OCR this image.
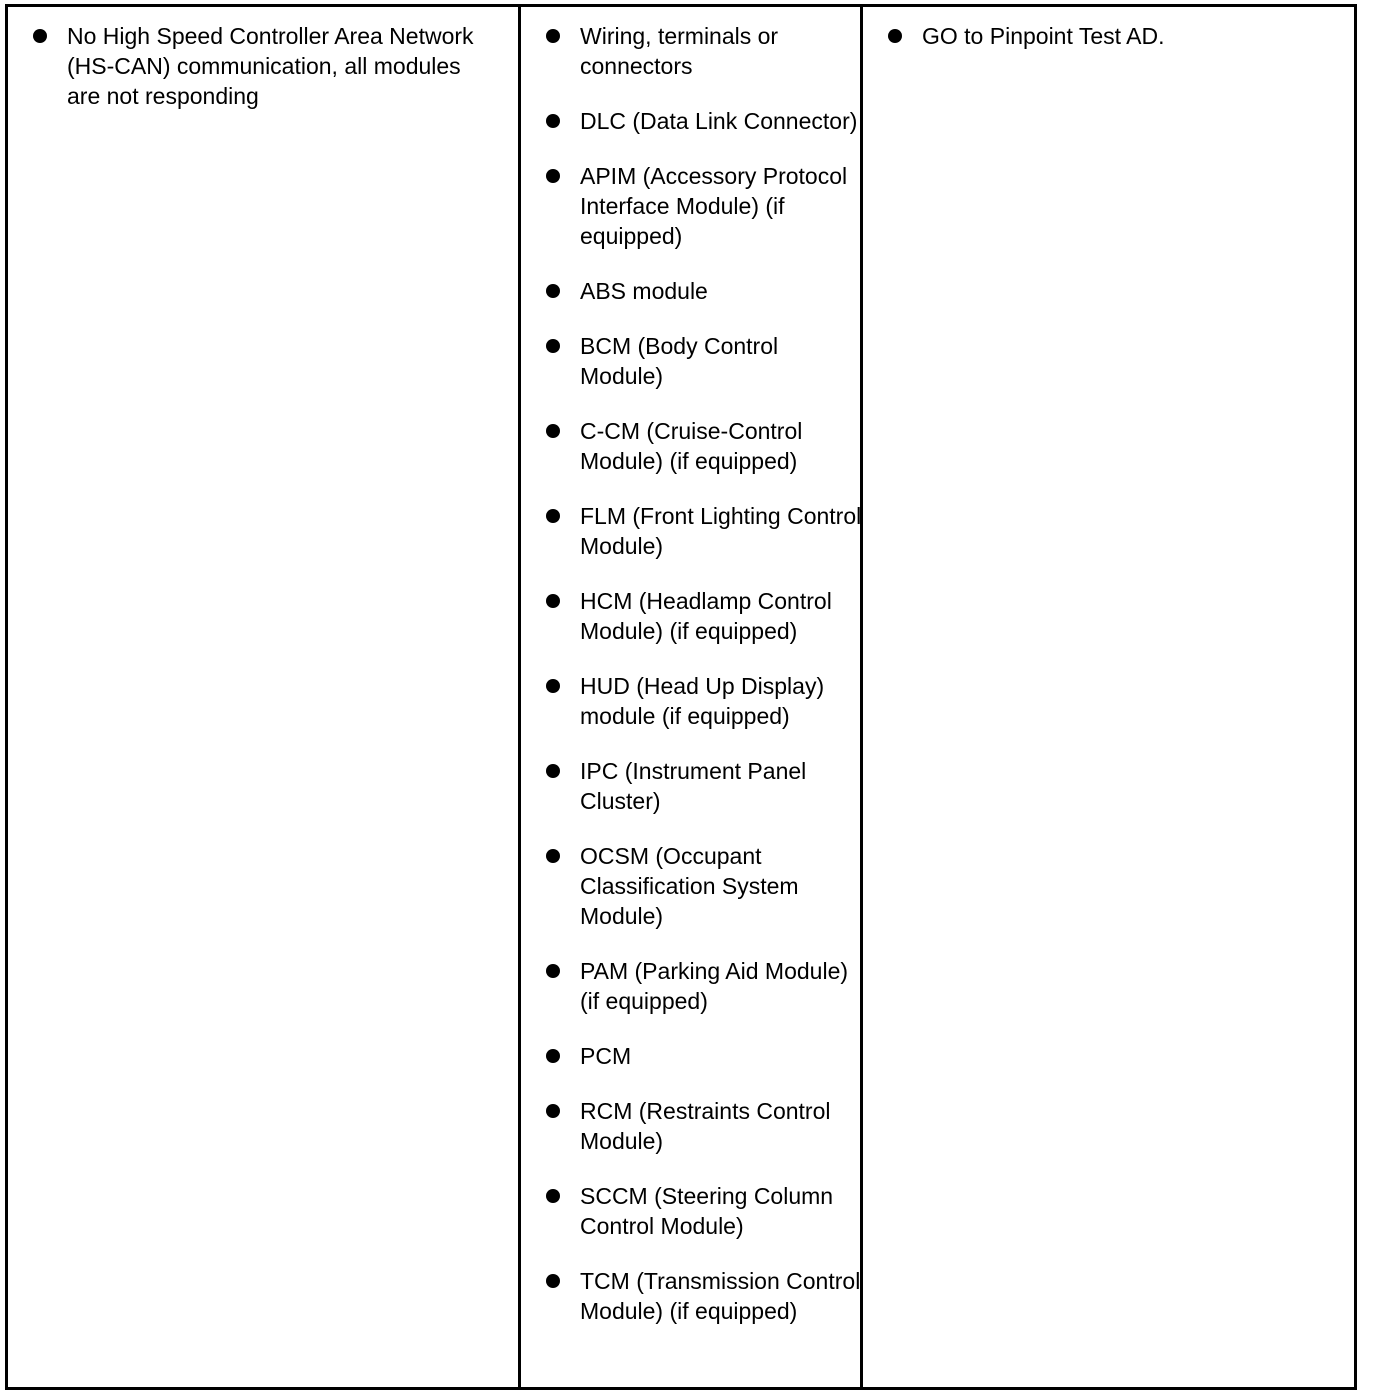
No High Speed Controller Area Network (HS-CAN) communication, all modules are not responding
Wiring, terminals or connectors
DLC (Data Link Connector)
APIM (Accessory Protocol Interface Module) (if equipped)
ABS module
BCM (Body Control Module)
C-CM (Cruise-Control Module) (if equipped)
FLM (Front Lighting Control Module)
HCM (Headlamp Control Module) (if equipped)
HUD (Head Up Display) module (if equipped)
IPC (Instrument Panel Cluster)
OCSM (Occupant Classification System Module)
PAM (Parking Aid Module) (if equipped)
PCM
RCM (Restraints Control Module)
SCCM (Steering Column Control Module)
TCM (Transmission Control Module) (if equipped)
GO to Pinpoint Test AD.
